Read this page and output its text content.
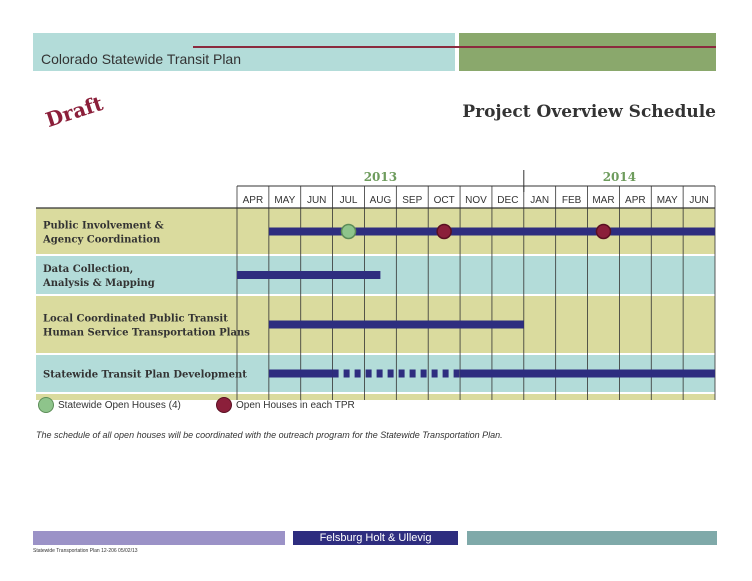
Colorado Statewide Transit Plan
Draft	Project Overview Schedule
2013	2014
APR MAY JUN JUL AUG SEP OCT NOV DEC JAN FEB MAR APR MAY JUN
Public Involvement &
Agency Coordination
Data Collection,
Analysis & Mapping
Local Coordinated Public Transit
Human Service Transportation Plans
Statewide Transit Plan Development
Statewide Open Houses (4)	Open Houses in each TPR
The schedule of all open houses will be coordinated with the outreach program for the Statewide Transportation Plan.
Felsburg Holt & Ullevig
Statewide Transportation Plan 12-206 05/02/13
